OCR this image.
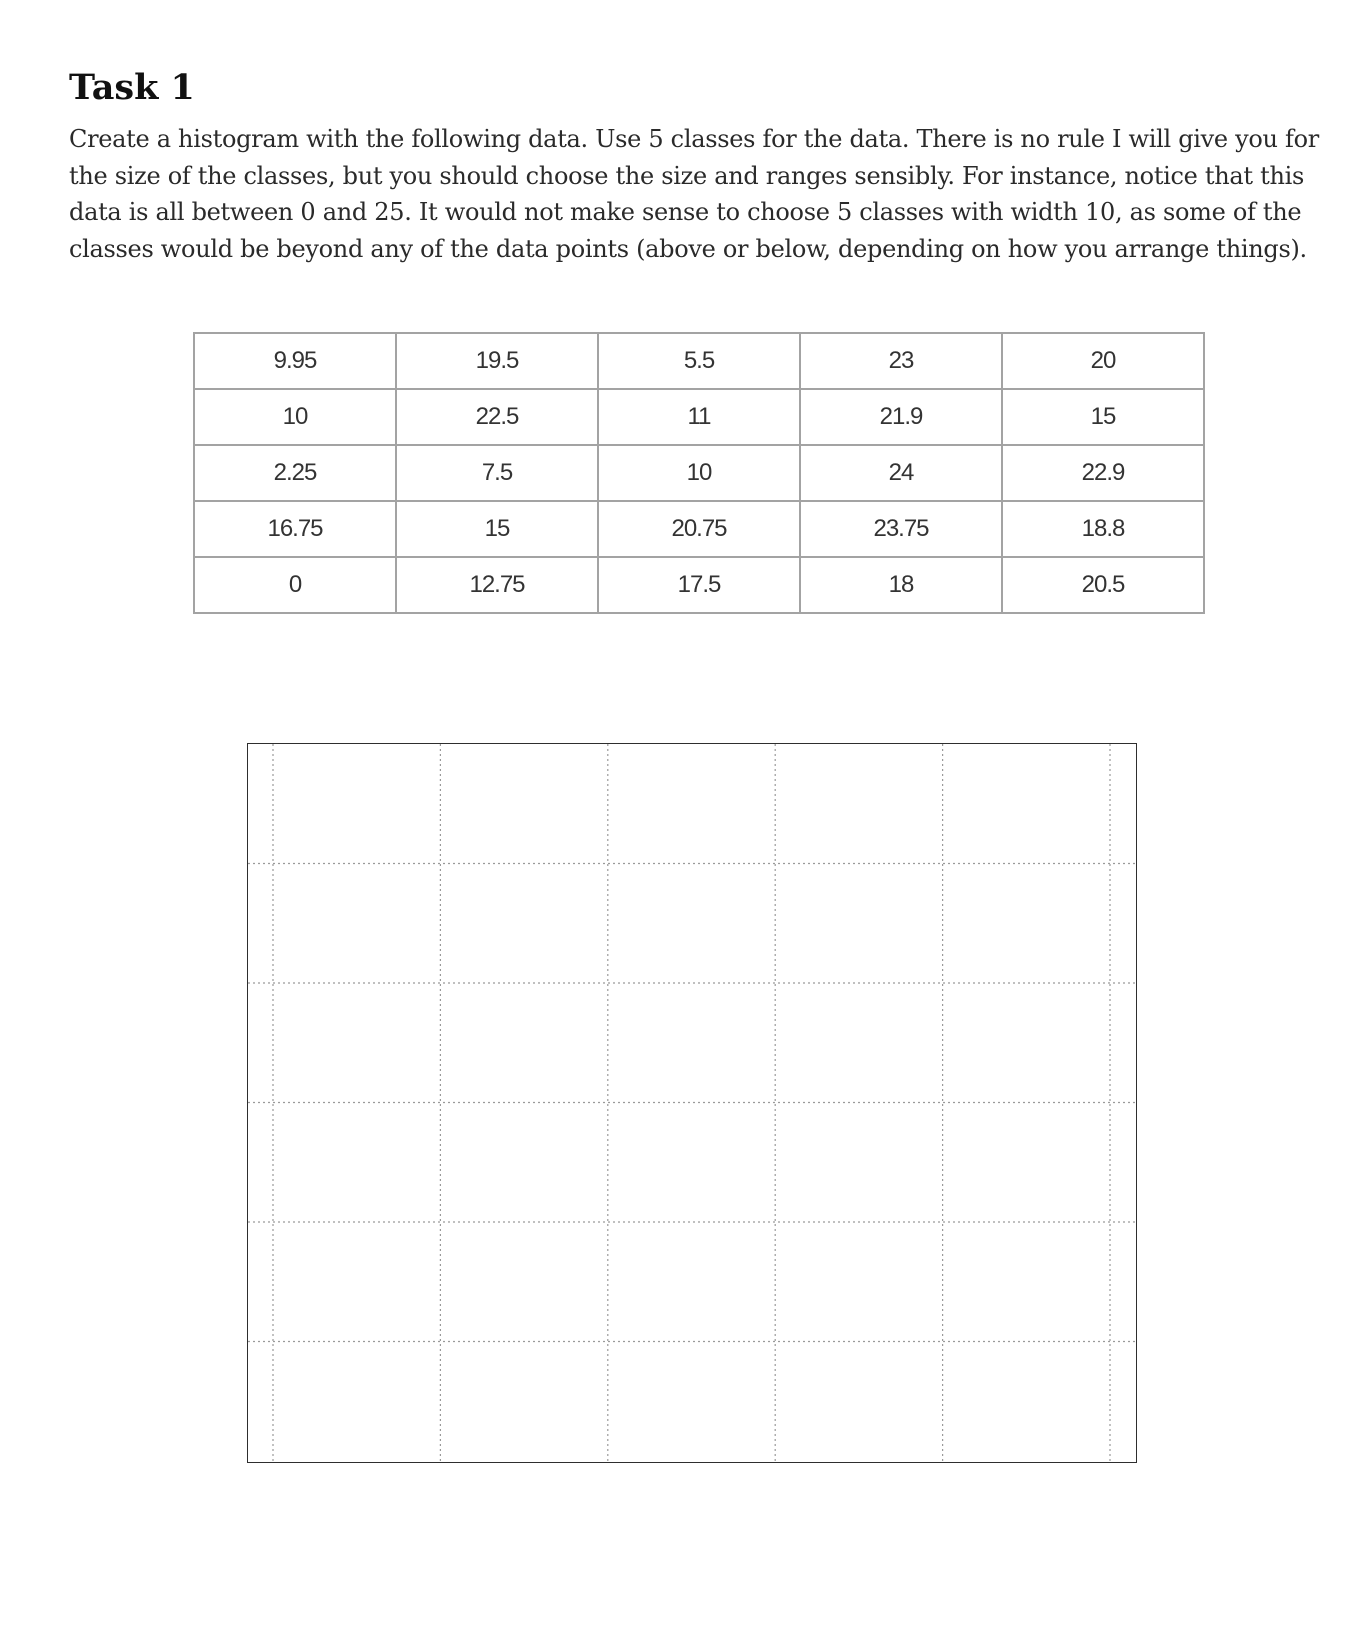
Task 1

Create a histogram with the following data. Use 5 classes for the data. There is no rule I will give you for the size of the classes, but you should choose the size and ranges sensibly. For instance, notice that this data is all between 0 and 25. It would not make sense to choose 5 classes with width 10, as some of the classes would be beyond any of the data points (above or below, depending on how you arrange things).

9.95	19.5	5.5	23	20
10	22.5	11	21.9	15
2.25	7.5	10	24	22.9
16.75	15	20.75	23.75	18.8
0	12.75	17.5	18	20.5
